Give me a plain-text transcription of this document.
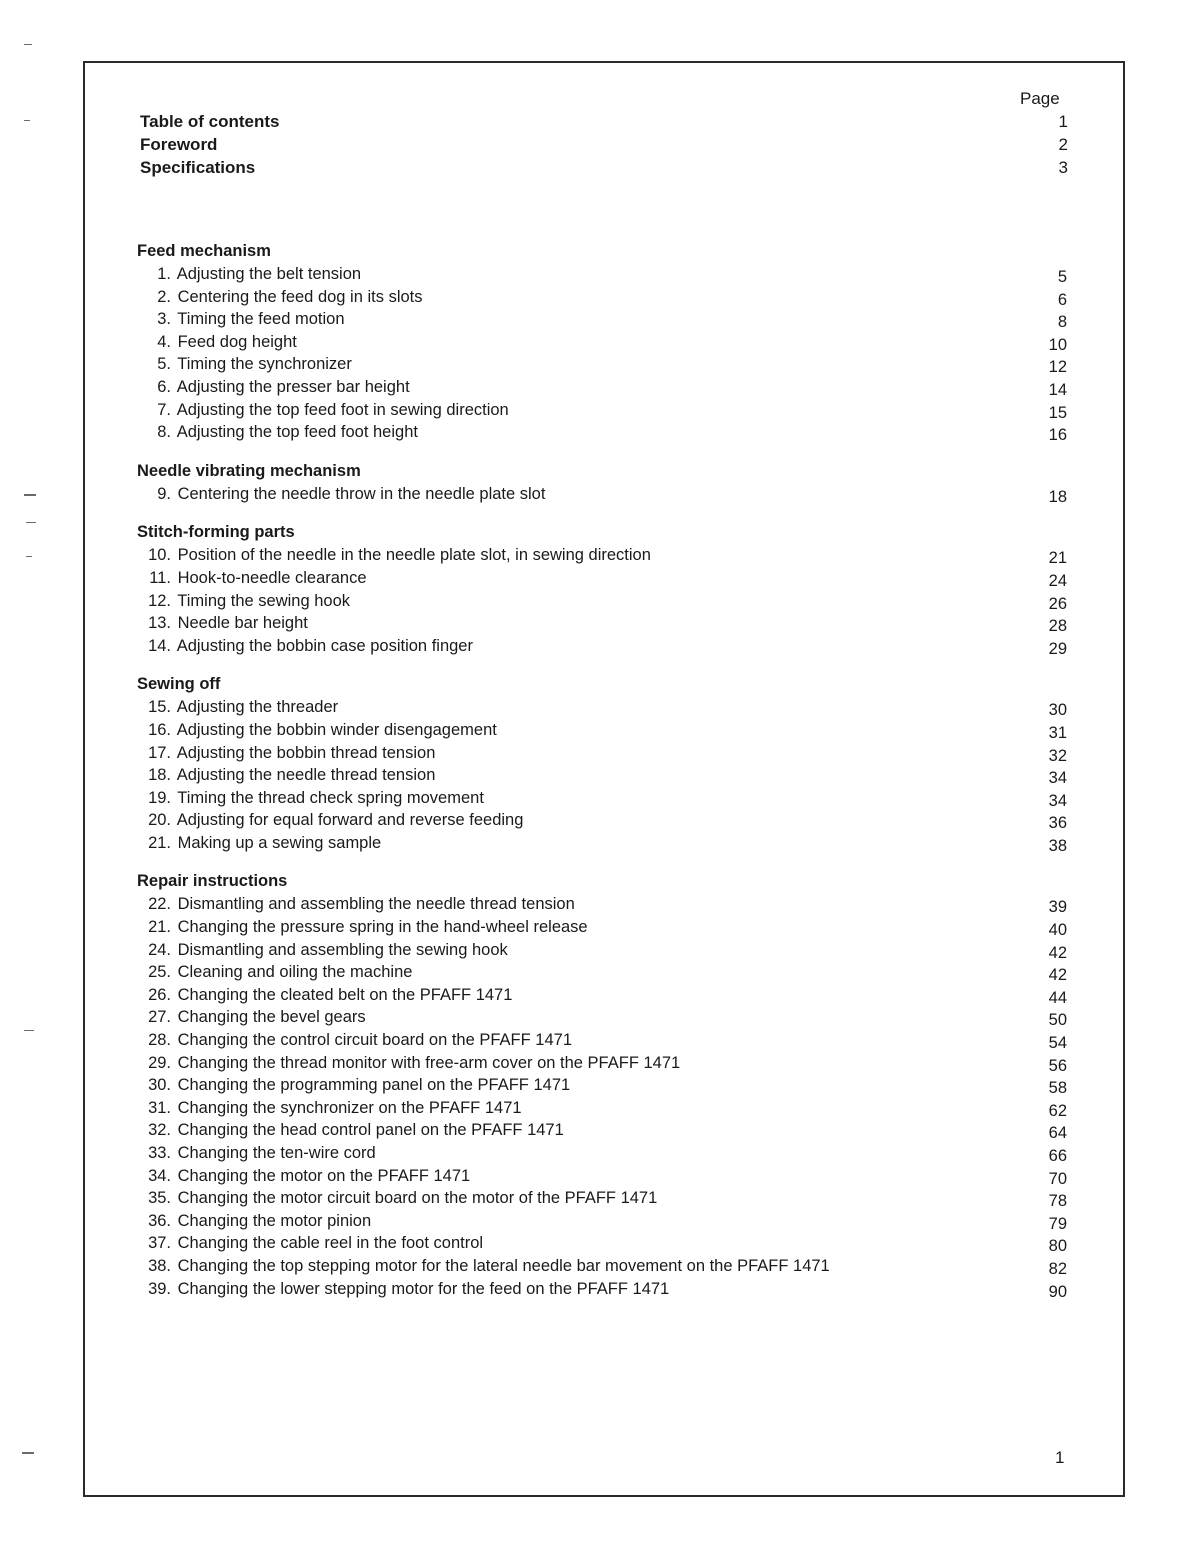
Page
Table of contents	1
Foreword	2
Specifications	3
Feed mechanism
1. Adjusting the belt tension	5
2. Centering the feed dog in its slots	6
3. Timing the feed motion	8
4. Feed dog height	10
5. Timing the synchronizer	12
6. Adjusting the presser bar height	14
7. Adjusting the top feed foot in sewing direction	15
8. Adjusting the top feed foot height	16
Needle vibrating mechanism
9. Centering the needle throw in the needle plate slot	18
Stitch-forming parts
10. Position of the needle in the needle plate slot, in sewing direction	21
11. Hook-to-needle clearance	24
12. Timing the sewing hook	26
13. Needle bar height	28
14. Adjusting the bobbin case position finger	29
Sewing off
15. Adjusting the threader	30
16. Adjusting the bobbin winder disengagement	31
17. Adjusting the bobbin thread tension	32
18. Adjusting the needle thread tension	34
19. Timing the thread check spring movement	34
20. Adjusting for equal forward and reverse feeding	36
21. Making up a sewing sample	38
Repair instructions
22. Dismantling and assembling the needle thread tension	39
21. Changing the pressure spring in the hand-wheel release	40
24. Dismantling and assembling the sewing hook	42
25. Cleaning and oiling the machine	42
26. Changing the cleated belt on the PFAFF 1471	44
27. Changing the bevel gears	50
28. Changing the control circuit board on the PFAFF 1471	54
29. Changing the thread monitor with free-arm cover on the PFAFF 1471	56
30. Changing the programming panel on the PFAFF 1471	58
31. Changing the synchronizer on the PFAFF 1471	62
32. Changing the head control panel on the PFAFF 1471	64
33. Changing the ten-wire cord	66
34. Changing the motor on the PFAFF 1471	70
35. Changing the motor circuit board on the motor of the PFAFF 1471	78
36. Changing the motor pinion	79
37. Changing the cable reel in the foot control	80
38. Changing the top stepping motor for the lateral needle bar movement on the PFAFF 1471	82
39. Changing the lower stepping motor for the feed on the PFAFF 1471	90
1
